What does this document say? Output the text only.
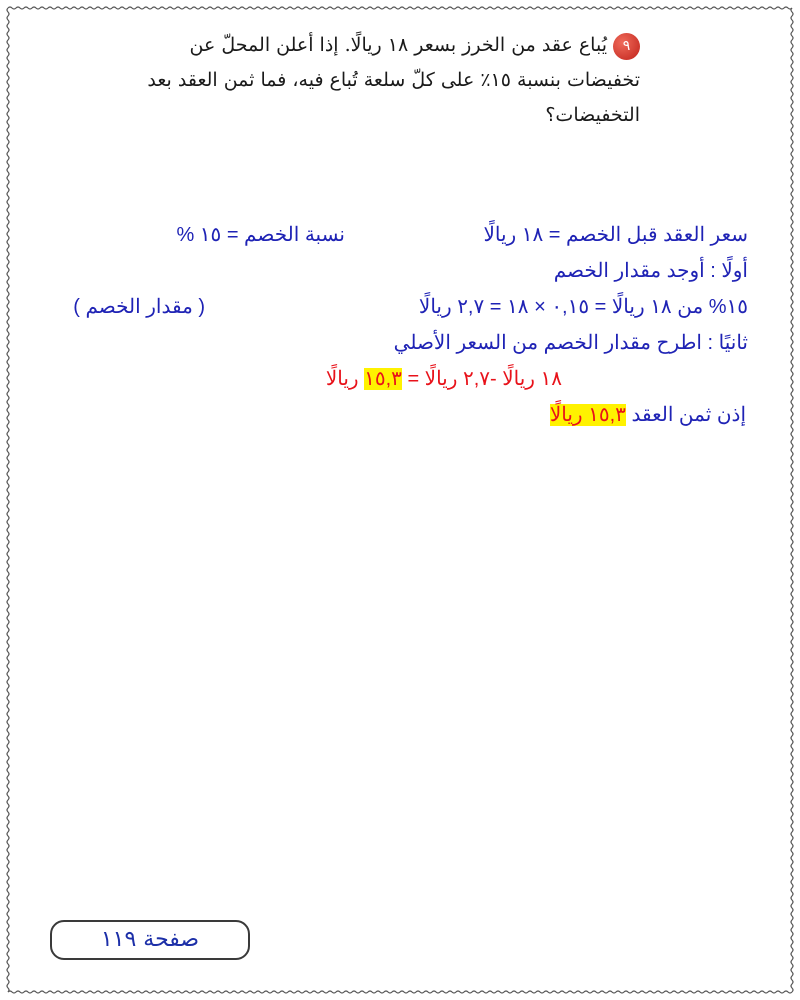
٩يُباع عقد من الخرز بسعر ١٨ ريالًا. إذا أعلن المحلّ عن تخفيضات بنسبة ١٥٪ على كلّ سلعة تُباع فيه، فما ثمن العقد بعد التخفيضات؟
سعر العقد قبل الخصم = ١٨ ريالًا
نسبة الخصم = ١٥ %
أولًا : أوجد مقدار الخصم
١٥% من ١٨ ريالًا = ٠,١٥ × ١٨ = ٢,٧ ريالًا
( مقدار الخصم )
ثانيًا : اطرح مقدار الخصم من السعر الأصلي
١٨ ريالًا -٢,٧ ريالًا = ١٥,٣ ريالًا
إذن ثمن العقد ١٥,٣ ريالًا
صفحة ١١٩
